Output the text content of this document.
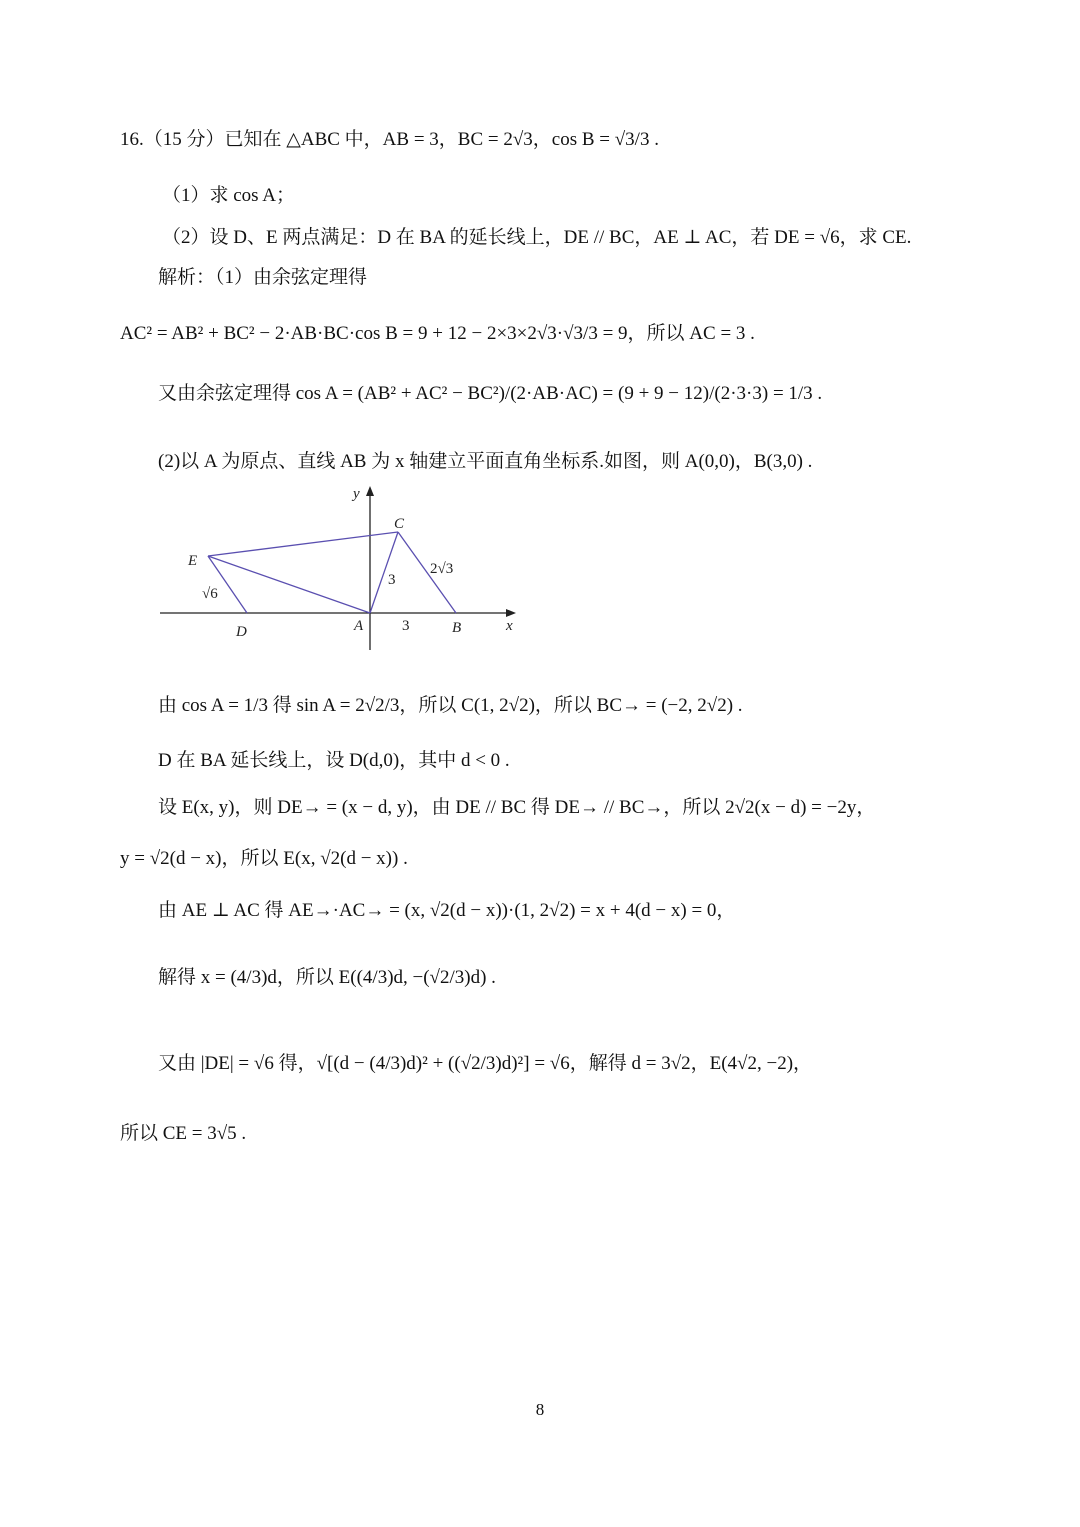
16.（15 分）已知在 △ABC 中，AB = 3，BC = 2√3，cos B = √3/3 .
（1）求 cos A；
（2）设 D、E 两点满足：D 在 BA 的延长线上，DE // BC，AE ⊥ AC，若 DE = √6，求 CE.
解析：（1）由余弦定理得
AC² = AB² + BC² − 2·AB·BC·cos B = 9 + 12 − 2×3×2√3·√3/3 = 9，所以 AC = 3 .
又由余弦定理得 cos A = (AB² + AC² − BC²)/(2·AB·AC) = (9 + 9 − 12)/(2·3·3) = 1/3 .
(2)以 A 为原点、直线 AB 为 x 轴建立平面直角坐标系.如图，则 A(0,0)，B(3,0) .
y
x
C
E
A	B
D
3
2√3
3
√6
由 cos A = 1/3 得 sin A = 2√2/3，所以 C(1, 2√2)，所以 BC→ = (−2, 2√2) .
D 在 BA 延长线上，设 D(d,0)，其中 d < 0 .
设 E(x, y)，则 DE→ = (x − d, y)，由 DE // BC 得 DE→ // BC→，所以 2√2(x − d) = −2y，
y = √2(d − x)，所以 E(x, √2(d − x)) .
由 AE ⊥ AC 得 AE→·AC→ = (x, √2(d − x))·(1, 2√2) = x + 4(d − x) = 0，
解得 x = (4/3)d，所以 E((4/3)d, −(√2/3)d) .
又由 |DE| = √6 得，√[(d − (4/3)d)² + ((√2/3)d)²] = √6，解得 d = 3√2，E(4√2, −2)，
所以 CE = 3√5 .
8
